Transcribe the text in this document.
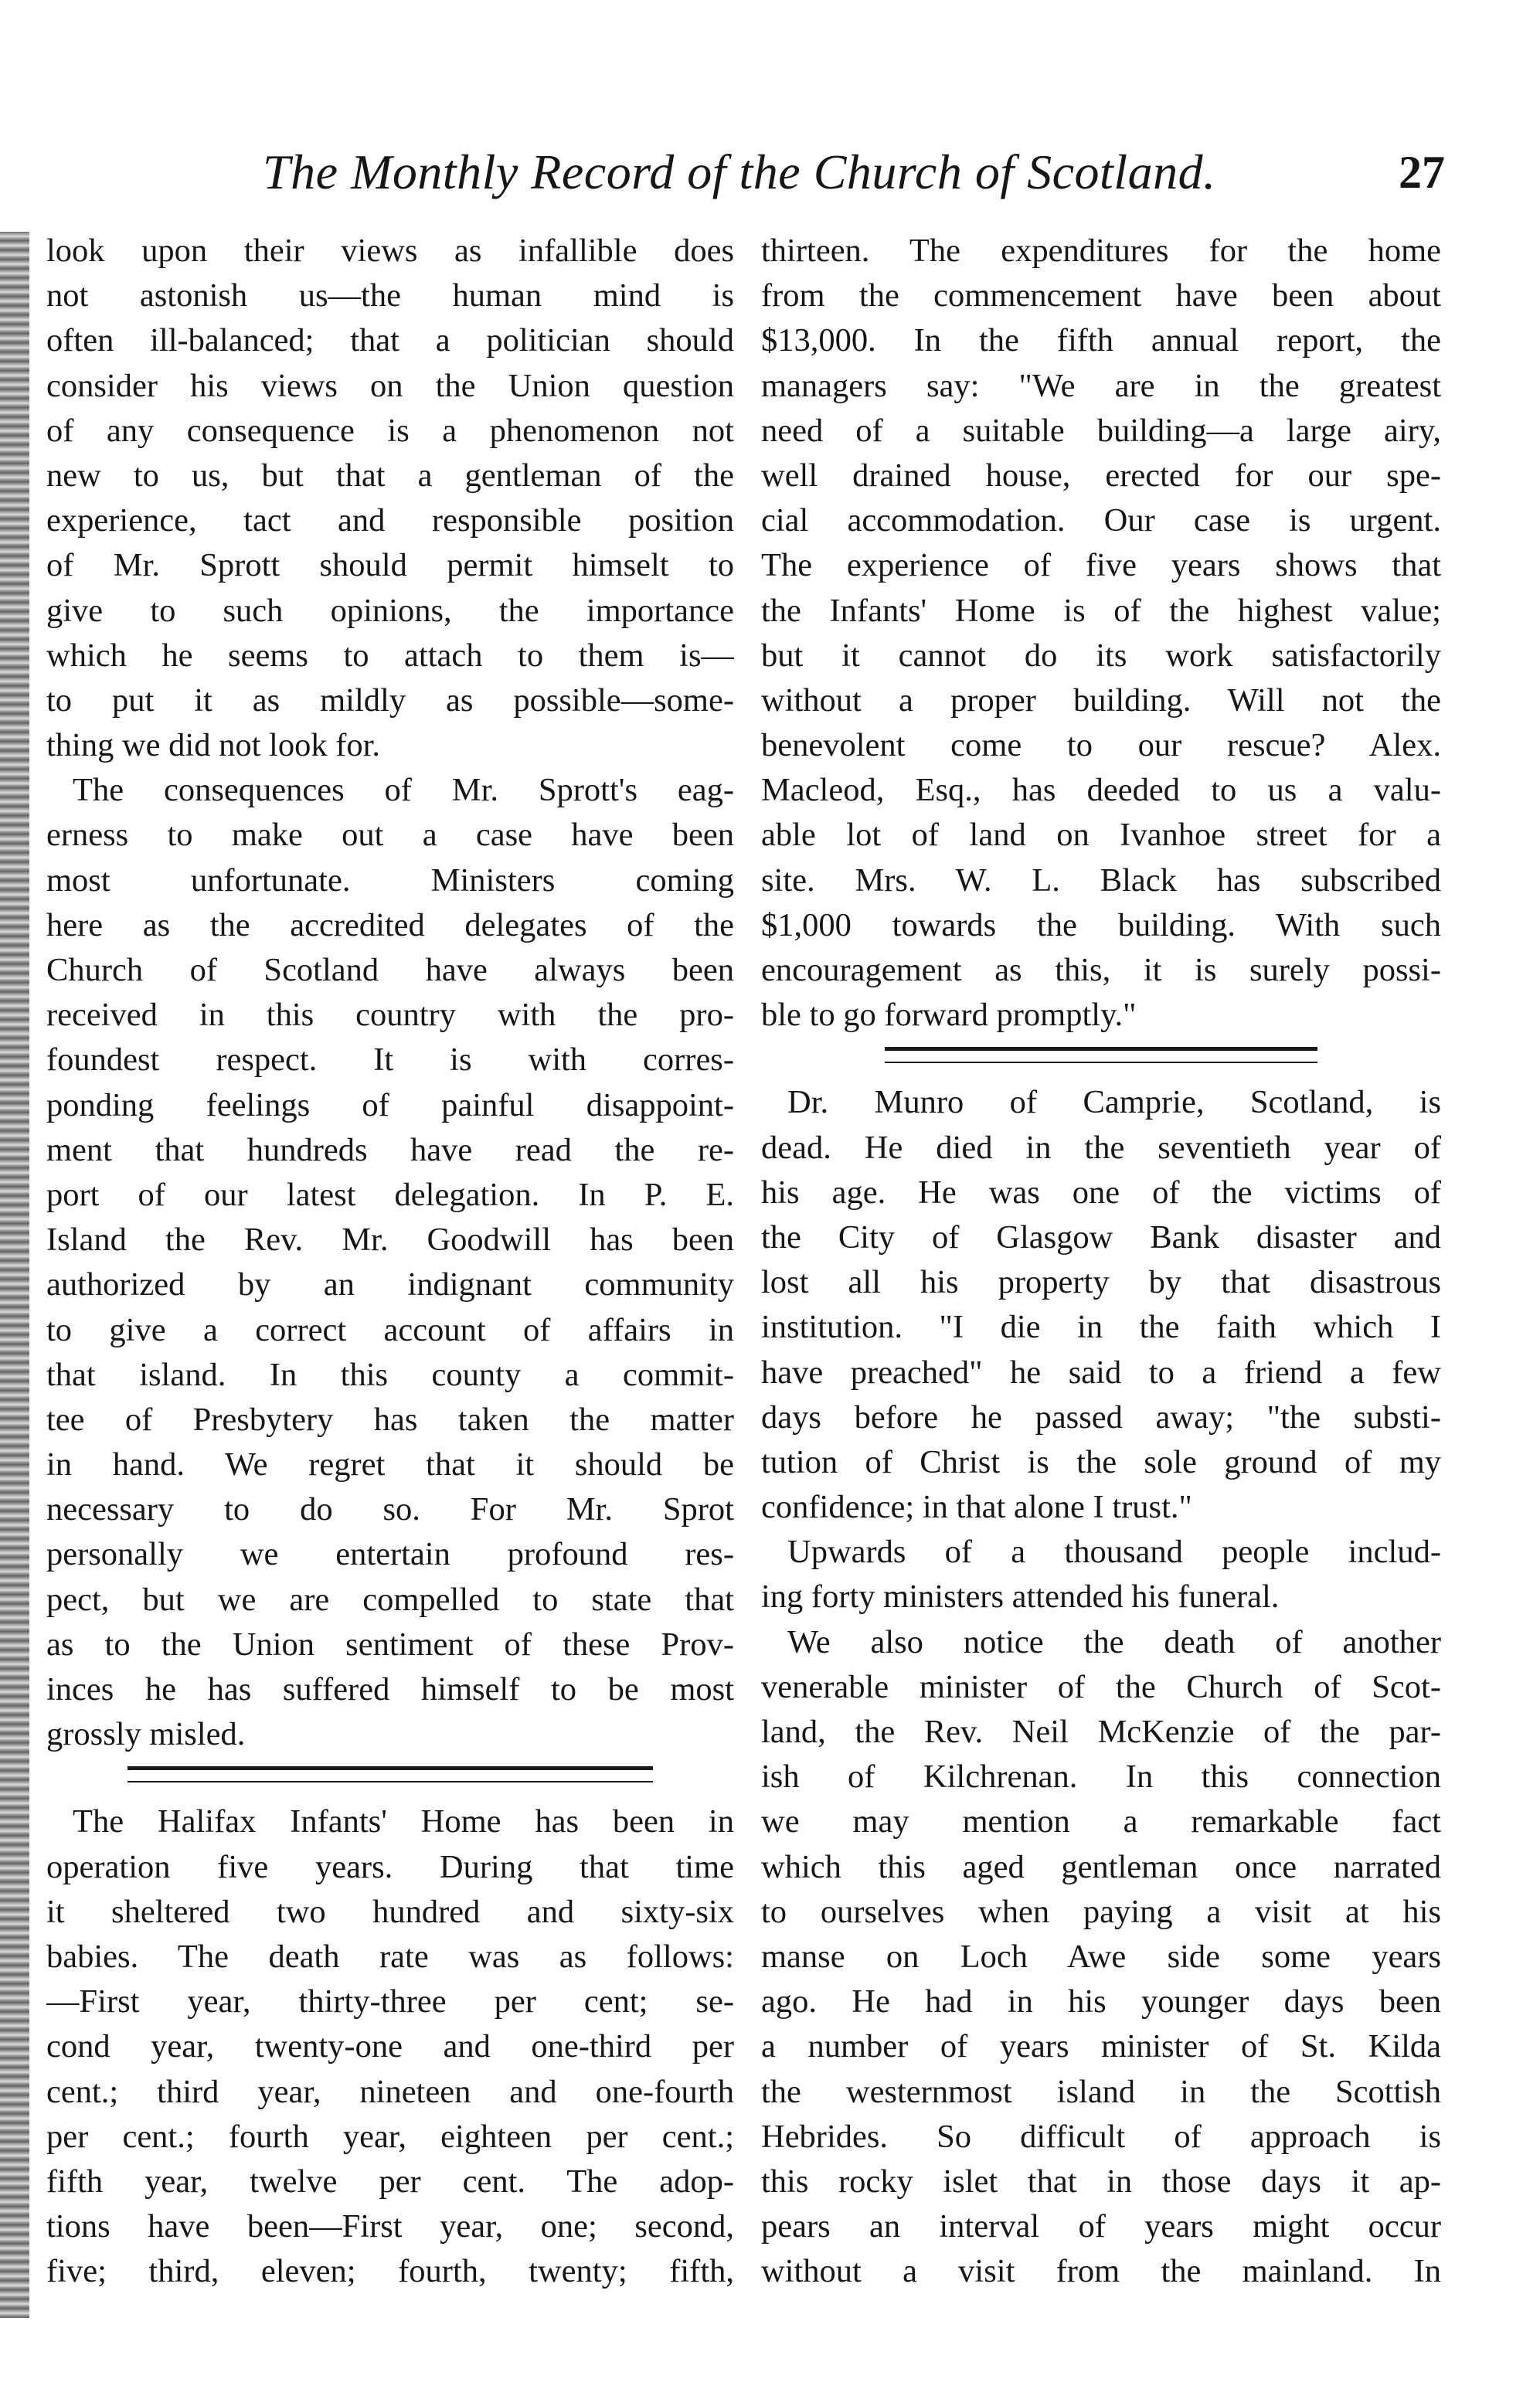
The Monthly Record of the Church of Scotland.	27
look upon their views as infallible does
not astonish us—the human mind is
often ill-balanced; that a politician should
consider his views on the Union question
of any consequence is a phenomenon not
new to us, but that a gentleman of the
experience, tact and responsible position
of Mr. Sprott should permit himselt to
give to such opinions, the importance
which he seems to attach to them is—
to put it as mildly as possible—some-
thing we did not look for.
The consequences of Mr. Sprott's eag-
erness to make out a case have been
most unfortunate. Ministers coming
here as the accredited delegates of the
Church of Scotland have always been
received in this country with the pro-
foundest respect. It is with corres-
ponding feelings of painful disappoint-
ment that hundreds have read the re-
port of our latest delegation. In P. E.
Island the Rev. Mr. Goodwill has been
authorized by an indignant community
to give a correct account of affairs in
that island. In this county a commit-
tee of Presbytery has taken the matter
in hand. We regret that it should be
necessary to do so. For Mr. Sprot
personally we entertain profound res-
pect, but we are compelled to state that
as to the Union sentiment of these Prov-
inces he has suffered himself to be most
grossly misled.
The Halifax Infants' Home has been in
operation five years. During that time
it sheltered two hundred and sixty-six
babies. The death rate was as follows:
—First year, thirty-three per cent; se-
cond year, twenty-one and one-third per
cent.; third year, nineteen and one-fourth
per cent.; fourth year, eighteen per cent.;
fifth year, twelve per cent. The adop-
tions have been—First year, one; second,
five; third, eleven; fourth, twenty; fifth,
thirteen. The expenditures for the home
from the commencement have been about
$13,000. In the fifth annual report, the
managers say: "We are in the greatest
need of a suitable building—a large airy,
well drained house, erected for our spe-
cial accommodation. Our case is urgent.
The experience of five years shows that
the Infants' Home is of the highest value;
but it cannot do its work satisfactorily
without a proper building. Will not the
benevolent come to our rescue? Alex.
Macleod, Esq., has deeded to us a valu-
able lot of land on Ivanhoe street for a
site. Mrs. W. L. Black has subscribed
$1,000 towards the building. With such
encouragement as this, it is surely possi-
ble to go forward promptly."
Dr. Munro of Camprie, Scotland, is
dead. He died in the seventieth year of
his age. He was one of the victims of
the City of Glasgow Bank disaster and
lost all his property by that disastrous
institution. "I die in the faith which I
have preached" he said to a friend a few
days before he passed away; "the substi-
tution of Christ is the sole ground of my
confidence; in that alone I trust."
Upwards of a thousand people includ-
ing forty ministers attended his funeral.
We also notice the death of another
venerable minister of the Church of Scot-
land, the Rev. Neil McKenzie of the par-
ish of Kilchrenan. In this connection
we may mention a remarkable fact
which this aged gentleman once narrated
to ourselves when paying a visit at his
manse on Loch Awe side some years
ago. He had in his younger days been
a number of years minister of St. Kilda
the westernmost island in the Scottish
Hebrides. So difficult of approach is
this rocky islet that in those days it ap-
pears an interval of years might occur
without a visit from the mainland. In
